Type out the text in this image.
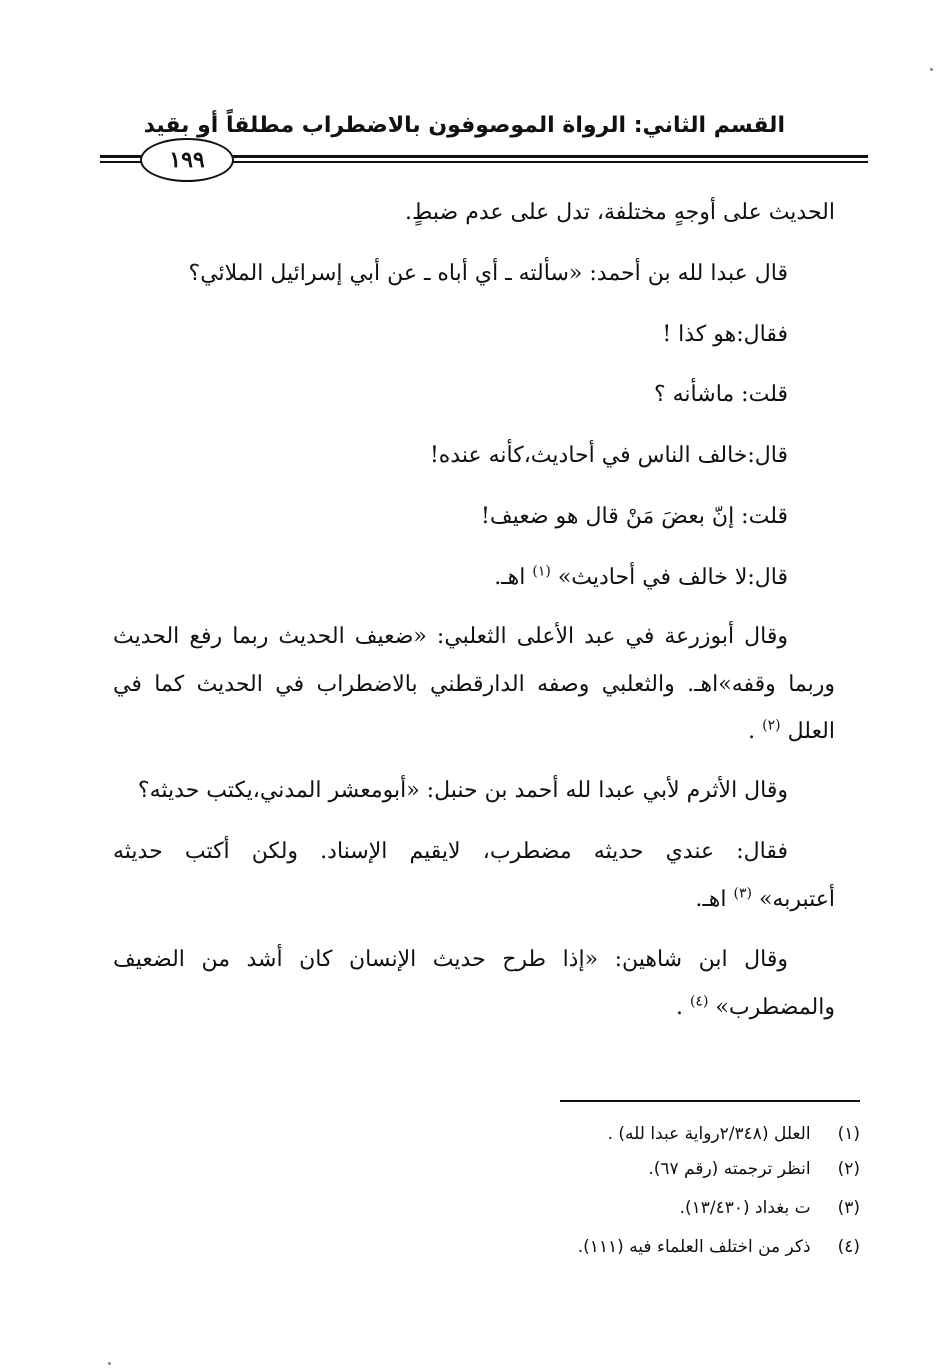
القسم الثاني: الرواة الموصوفون بالاضطراب مطلقاً أو بقيد
١٩٩
الحديث على أوجهٍ مختلفة، تدل على عدم ضبطٍ.
قال عبدا لله بن أحمد: «سألته ـ أي أباه ـ عن أبي إسرائيل الملائي؟
فقال:هو كذا !
قلت: ماشأنه ؟
قال:خالف الناس في أحاديث،كأنه عنده!
قلت: إنّ بعضَ مَنْ قال هو ضعيف!
قال:لا خالف في أحاديث» $^{(١)}$ اهـ.
وقال أبوزرعة في عبد الأعلى الثعلبي: «ضعيف الحديث ربما رفع الحديث
وربما وقفه»اهـ. والثعلبي وصفه الدارقطني بالاضطراب في الحديث كما في
العلل $^{(٢)}$ .
وقال الأثرم لأبي عبدا لله أحمد بن حنبل: «أبومعشر المدني،يكتب حديثه؟
فقال: عندي حديثه مضطرب، لايقيم الإسناد. ولكن أكتب حديثه
أعتبربه» $^{(٣)}$ اهـ.
وقال ابن شاهين: «إذا طرح حديث الإنسان كان أشد من الضعيف
والمضطرب» $^{(٤)}$ .
(١) العلل (٢/٣٤٨رواية عبدا لله) .
(٢) انظر ترجمته (رقم ٦٧).
(٣) ت بغداد (١٣/٤٣٠).
(٤) ذكر من اختلف العلماء فيه (١١١).
